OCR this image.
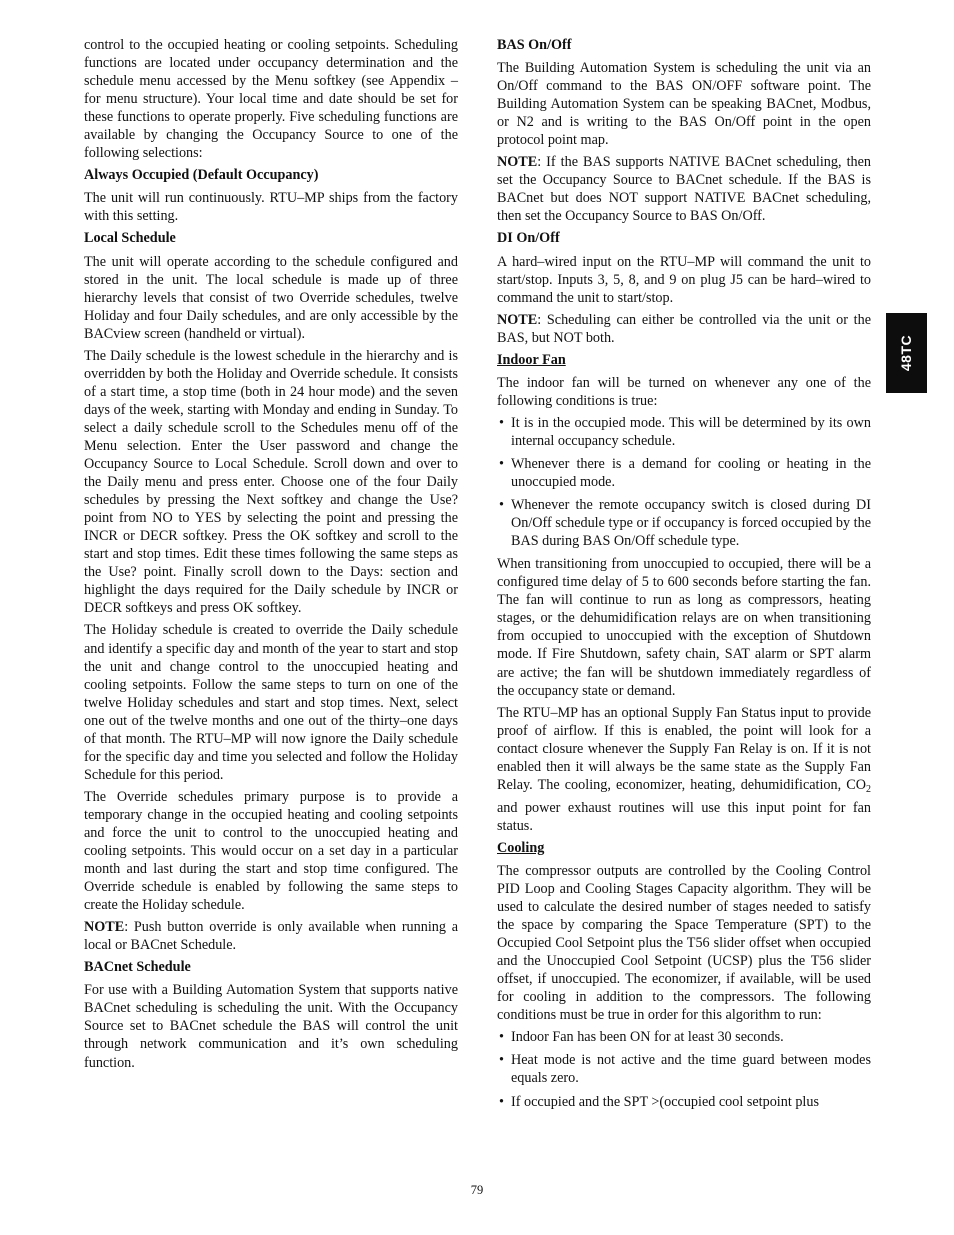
control to the occupied heating or cooling setpoints. Scheduling functions are located under occupancy determination and the schedule menu accessed by the Menu softkey (see Appendix – for menu structure). Your local time and date should be set for these functions to operate properly. Five scheduling functions are available by changing the Occupancy Source to one of the following selections:

Always Occupied (Default Occupancy)

The unit will run continuously. RTU–MP ships from the factory with this setting.

Local Schedule

The unit will operate according to the schedule configured and stored in the unit. The local schedule is made up of three hierarchy levels that consist of two Override schedules, twelve Holiday and four Daily schedules, and are only accessible by the BACview screen (handheld or virtual).

The Daily schedule is the lowest schedule in the hierarchy and is overridden by both the Holiday and Override schedule. It consists of a start time, a stop time (both in 24 hour mode) and the seven days of the week, starting with Monday and ending in Sunday. To select a daily schedule scroll to the Schedules menu off of the Menu selection. Enter the User password and change the Occupancy Source to Local Schedule. Scroll down and over to the Daily menu and press enter. Choose one of the four Daily schedules by pressing the Next softkey and change the Use? point from NO to YES by selecting the point and pressing the INCR or DECR softkey. Press the OK softkey and scroll to the start and stop times. Edit these times following the same steps as the Use? point. Finally scroll down to the Days: section and highlight the days required for the Daily schedule by INCR or DECR softkeys and press OK softkey.

The Holiday schedule is created to override the Daily schedule and identify a specific day and month of the year to start and stop the unit and change control to the unoccupied heating and cooling setpoints. Follow the same steps to turn on one of the twelve Holiday schedules and start and stop times. Next, select one out of the twelve months and one out of the thirty–one days of that month. The RTU–MP will now ignore the Daily schedule for the specific day and time you selected and follow the Holiday Schedule for this period.

The Override schedules primary purpose is to provide a temporary change in the occupied heating and cooling setpoints and force the unit to control to the unoccupied heating and cooling setpoints. This would occur on a set day in a particular month and last during the start and stop time configured. The Override schedule is enabled by following the same steps to create the Holiday schedule.

NOTE: Push button override is only available when running a local or BACnet Schedule.

BACnet Schedule

For use with a Building Automation System that supports native BACnet scheduling is scheduling the unit. With the Occupancy Source set to BACnet schedule the BAS will control the unit through network communication and it’s own scheduling function.

BAS On/Off

The Building Automation System is scheduling the unit via an On/Off command to the BAS ON/OFF software point. The Building Automation System can be speaking BACnet, Modbus, or N2 and is writing to the BAS On/Off point in the open protocol point map.

NOTE: If the BAS supports NATIVE BACnet scheduling, then set the Occupancy Source to BACnet schedule. If the BAS is BACnet but does NOT support NATIVE BACnet scheduling, then set the Occupancy Source to BAS On/Off.

DI On/Off

A hard–wired input on the RTU–MP will command the unit to start/stop. Inputs 3, 5, 8, and 9 on plug J5 can be hard–wired to command the unit to start/stop.

NOTE: Scheduling can either be controlled via the unit or the BAS, but NOT both.

Indoor Fan

The indoor fan will be turned on whenever any one of the following conditions is true:

• It is in the occupied mode. This will be determined by its own internal occupancy schedule.
• Whenever there is a demand for cooling or heating in the unoccupied mode.
• Whenever the remote occupancy switch is closed during DI On/Off schedule type or if occupancy is forced occupied by the BAS during BAS On/Off schedule type.

When transitioning from unoccupied to occupied, there will be a configured time delay of 5 to 600 seconds before starting the fan. The fan will continue to run as long as compressors, heating stages, or the dehumidification relays are on when transitioning from occupied to unoccupied with the exception of Shutdown mode. If Fire Shutdown, safety chain, SAT alarm or SPT alarm are active; the fan will be shutdown immediately regardless of the occupancy state or demand.

The RTU–MP has an optional Supply Fan Status input to provide proof of airflow. If this is enabled, the point will look for a contact closure whenever the Supply Fan Relay is on. If it is not enabled then it will always be the same state as the Supply Fan Relay. The cooling, economizer, heating, dehumidification, $CO_2$ and power exhaust routines will use this input point for fan status.

Cooling

The compressor outputs are controlled by the Cooling Control PID Loop and Cooling Stages Capacity algorithm. They will be used to calculate the desired number of stages needed to satisfy the space by comparing the Space Temperature (SPT) to the Occupied Cool Setpoint plus the T56 slider offset when occupied and the Unoccupied Cool Setpoint (UCSP) plus the T56 slider offset, if unoccupied. The economizer, if available, will be used for cooling in addition to the compressors. The following conditions must be true in order for this algorithm to run:

• Indoor Fan has been ON for at least 30 seconds.
• Heat mode is not active and the time guard between modes equals zero.
• If occupied and the SPT >(occupied cool setpoint plus
48TC
79
